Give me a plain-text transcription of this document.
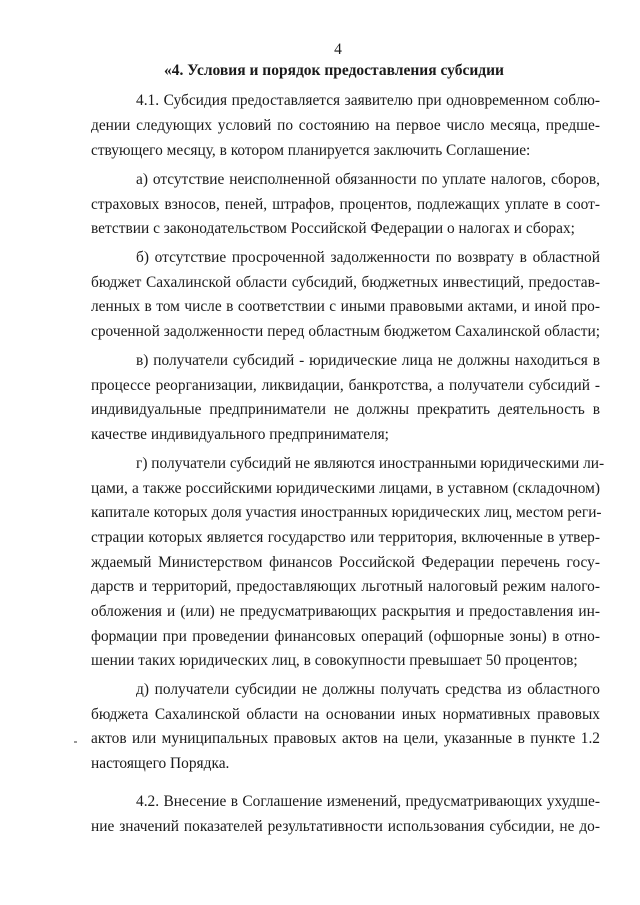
4
«4. Условия и порядок предоставления субсидии
4.1. Субсидия предоставляется заявителю при одновременном соблю-
дении следующих условий по состоянию на первое число месяца, предше-
ствующего месяцу, в котором планируется заключить Соглашение:
а) отсутствие неисполненной обязанности по уплате налогов, сборов,
страховых взносов, пеней, штрафов, процентов, подлежащих уплате в соот-
ветствии с законодательством Российской Федерации о налогах и сборах;
б) отсутствие просроченной задолженности по возврату в областной
бюджет Сахалинской области субсидий, бюджетных инвестиций, предостав-
ленных в том числе в соответствии с иными правовыми актами, и иной про-
сроченной задолженности перед областным бюджетом Сахалинской области;
в) получатели субсидий - юридические лица не должны находиться в
процессе реорганизации, ликвидации, банкротства, а получатели субсидий -
индивидуальные предприниматели не должны прекратить деятельность в
качестве индивидуального предпринимателя;
г) получатели субсидий не являются иностранными юридическими ли-
цами, а также российскими юридическими лицами, в уставном (складочном)
капитале которых доля участия иностранных юридических лиц, местом реги-
страции которых является государство или территория, включенные в утвер-
ждаемый Министерством финансов Российской Федерации перечень госу-
дарств и территорий, предоставляющих льготный налоговый режим налого-
обложения и (или) не предусматривающих раскрытия и предоставления ин-
формации при проведении финансовых операций (офшорные зоны) в отно-
шении таких юридических лиц, в совокупности превышает 50 процентов;
д) получатели субсидии не должны получать средства из областного
бюджета Сахалинской области на основании иных нормативных правовых
актов или муниципальных правовых актов на цели, указанные в пункте 1.2
настоящего Порядка.
4.2. Внесение в Соглашение изменений, предусматривающих ухудше-
ние значений показателей результативности использования субсидии, не до-
